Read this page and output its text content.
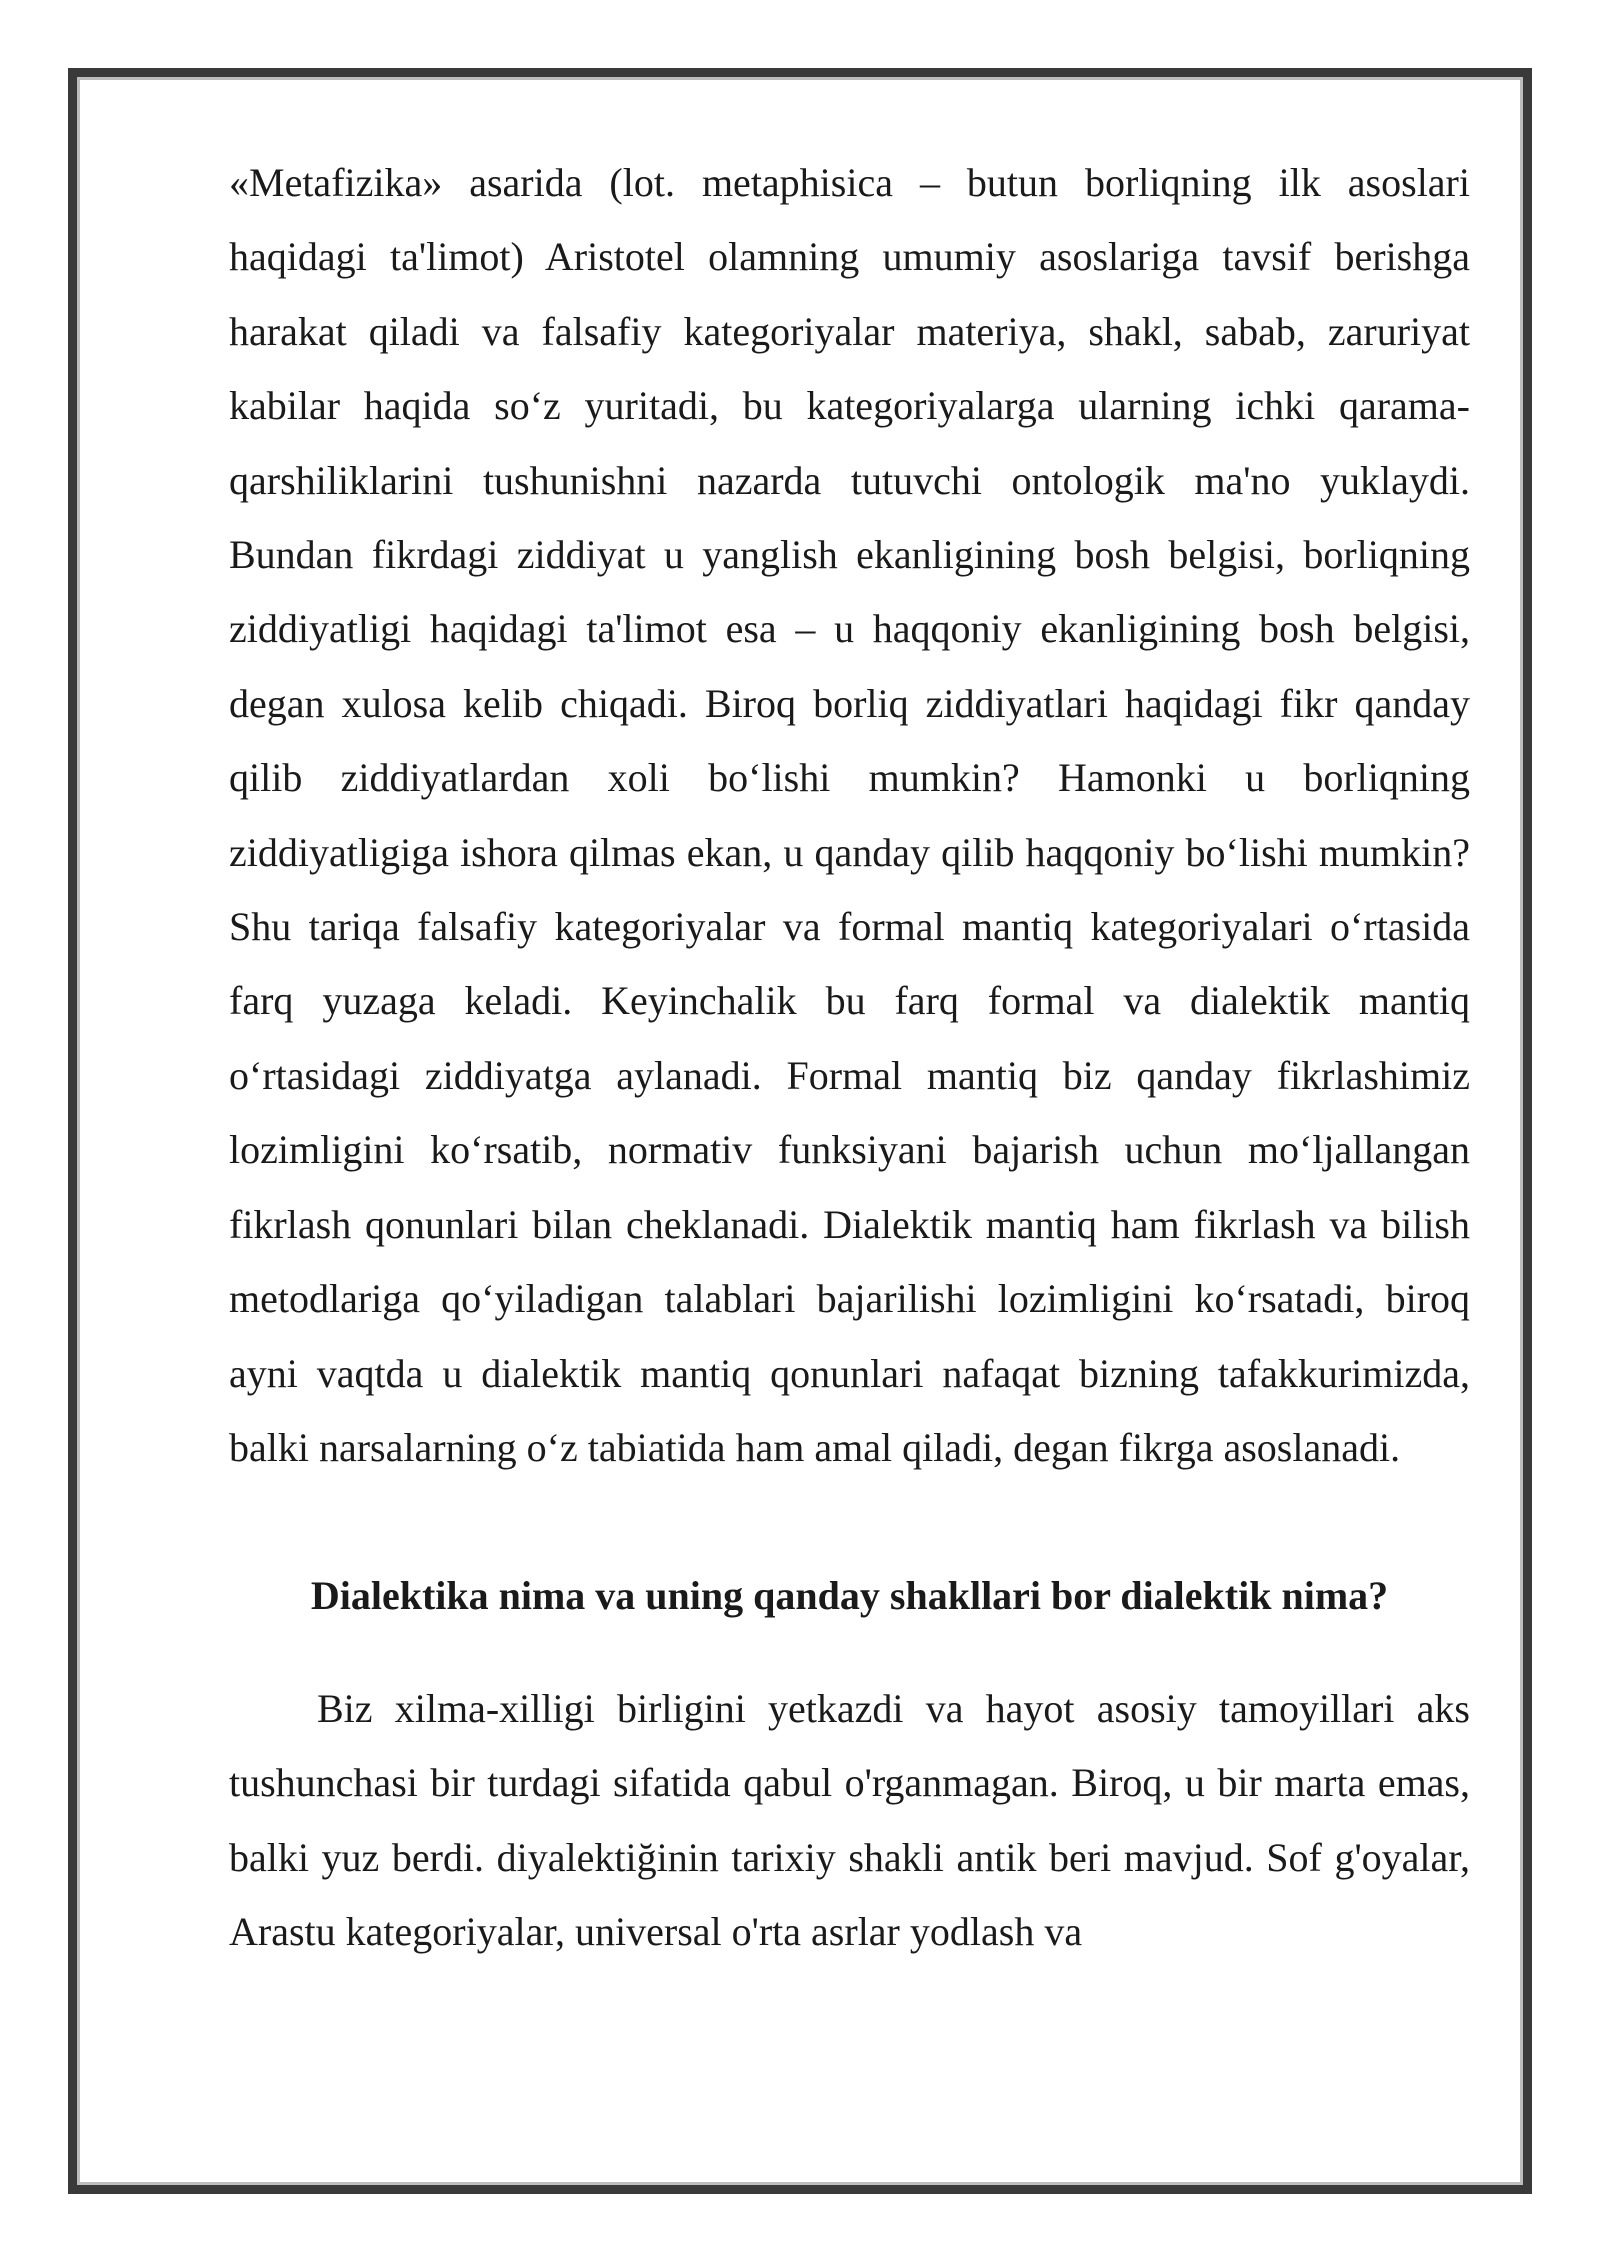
«Metafizika» asarida (lot. metaphisica – butun borliqning ilk asoslari haqidagi ta'limot) Aristotel olamning umumiy asoslariga tavsif berishga harakat qiladi va falsafiy kategoriyalar materiya, shakl, sabab, zaruriyat kabilar haqida so‘z yuritadi, bu kategoriyalarga ularning ichki qarama-qarshiliklarini tushunishni nazarda tutuvchi ontologik ma'no yuklaydi. Bundan fikrdagi ziddiyat u yanglish ekanligining bosh belgisi, borliqning ziddiyatligi haqidagi ta'limot esa – u haqqoniy ekanligining bosh belgisi, degan xulosa kelib chiqadi. Biroq borliq ziddiyatlari haqidagi fikr qanday qilib ziddiyatlardan xoli bo‘lishi mumkin? Hamonki u borliqning ziddiyatligiga ishora qilmas ekan, u qanday qilib haqqoniy bo‘lishi mumkin? Shu tariqa falsafiy kategoriyalar va formal mantiq kategoriyalari o‘rtasida farq yuzaga keladi. Keyinchalik bu farq formal va dialektik mantiq o‘rtasidagi ziddiyatga aylanadi. Formal mantiq biz qanday fikrlashimiz lozimligini ko‘rsatib, normativ funksiyani bajarish uchun mo‘ljallangan fikrlash qonunlari bilan cheklanadi. Dialektik mantiq ham fikrlash va bilish metodlariga qo‘yiladigan talablari bajarilishi lozimligini ko‘rsatadi, biroq ayni vaqtda u dialektik mantiq qonunlari nafaqat bizning tafakkurimizda, balki narsalarning o‘z tabiatida ham amal qiladi, degan fikrga asoslanadi.

Dialektika nima va uning qanday shakllari bor dialektik nima?

Biz xilma-xilligi birligini yetkazdi va hayot asosiy tamoyillari aks tushunchasi bir turdagi sifatida qabul o'rganmagan. Biroq, u bir marta emas, balki yuz berdi. diyalektiğinin tarixiy shakli antik beri mavjud. Sof g'oyalar, Arastu kategoriyalar, universal o'rta asrlar yodlash va
